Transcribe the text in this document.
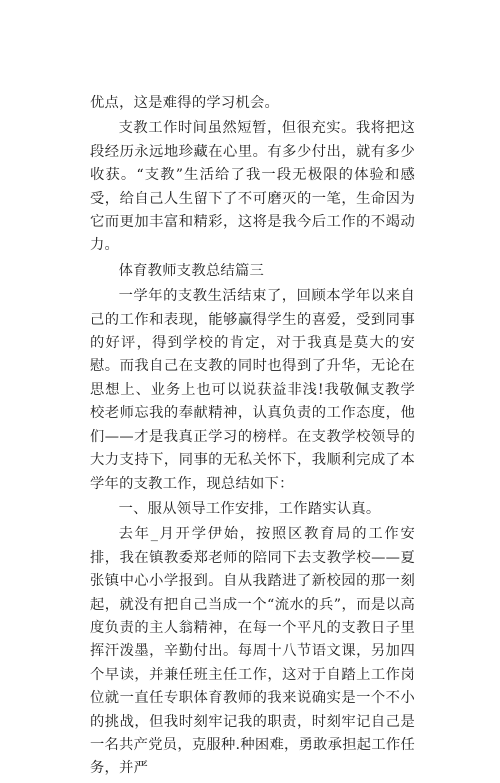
优点，这是难得的学习机会。

支教工作时间虽然短暂，但很充实。我将把这段经历永远地珍藏在心里。有多少付出，就有多少收获。“支教”生活给了我一段无极限的体验和感受，给自己人生留下了不可磨灭的一笔，生命因为它而更加丰富和精彩，这将是我今后工作的不竭动力。

体育教师支教总结篇三

一学年的支教生活结束了，回顾本学年以来自己的工作和表现，能够赢得学生的喜爱，受到同事的好评，得到学校的肯定，对于我真是莫大的安慰。而我自己在支教的同时也得到了升华，无论在思想上、业务上也可以说获益非浅!我敬佩支教学校老师忘我的奉献精神，认真负责的工作态度，他们——才是我真正学习的榜样。在支教学校领导的大力支持下，同事的无私关怀下，我顺利完成了本学年的支教工作，现总结如下：

一、服从领导工作安排，工作踏实认真。

去年_月开学伊始，按照区教育局的工作安排，我在镇教委郑老师的陪同下去支教学校——夏张镇中心小学报到。自从我踏进了新校园的那一刻起，就没有把自己当成一个“流水的兵”，而是以高度负责的主人翁精神，在每一个平凡的支教日子里挥汗泼墨，辛勤付出。每周十八节语文课，另加四个早读，并兼任班主任工作，这对于自踏上工作岗位就一直任专职体育教师的我来说确实是一个不小的挑战，但我时刻牢记我的职责，时刻牢记自己是一名共产党员，克服种.种困难，勇敢承担起工作任务，并严
